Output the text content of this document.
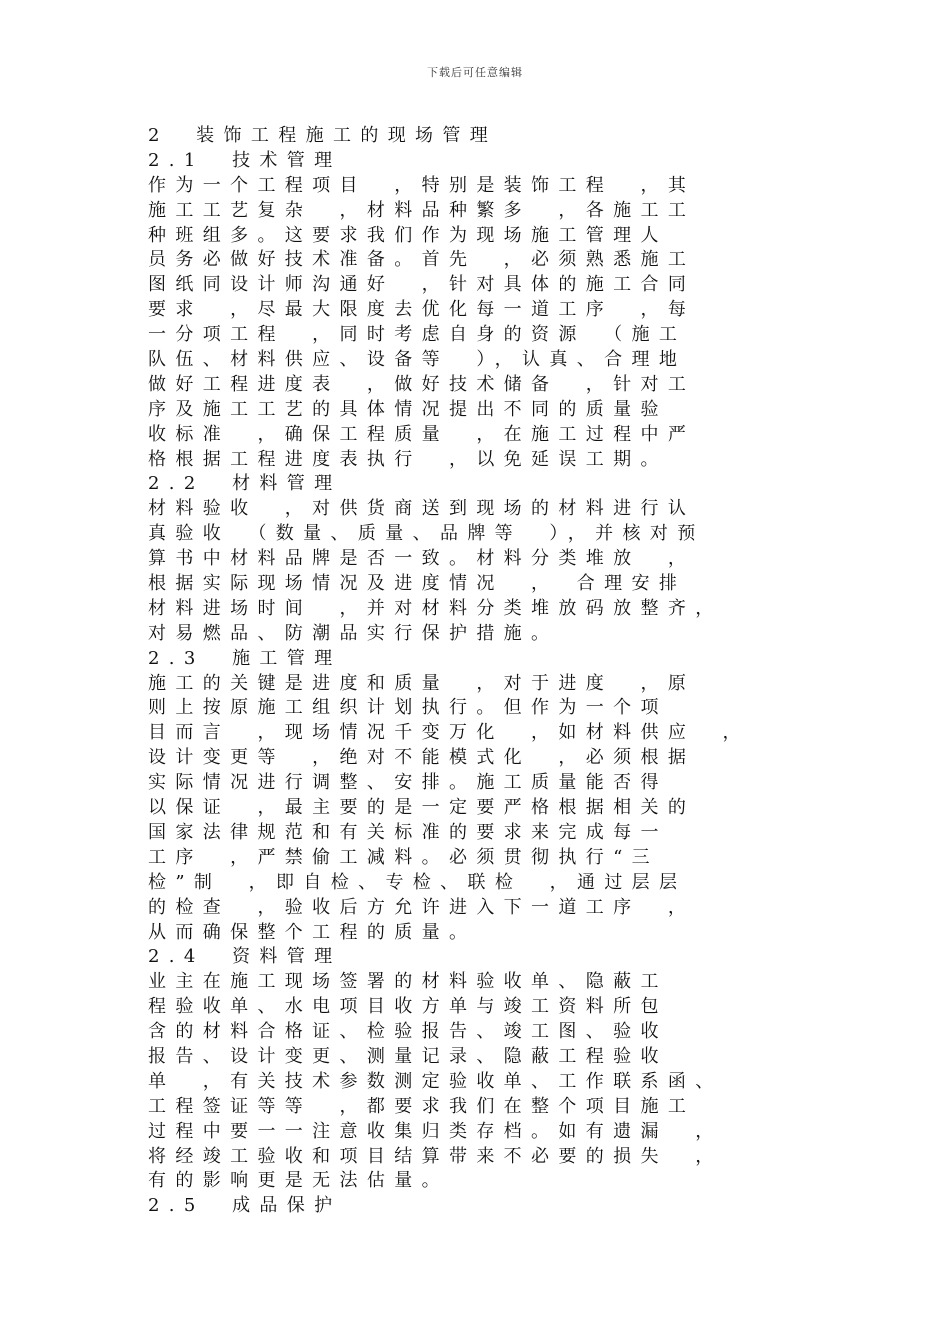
下载后可任意编辑
2　装饰工程施工的现场管理
2.1　技术管理
作为一个工程项目　，特别是装饰工程　，其
施工工艺复杂　，材料品种繁多　，各施工工
种班组多。这要求我们作为现场施工管理人
员务必做好技术准备。首先　，必须熟悉施工
图纸同设计师沟通好　，针对具体的施工合同
要求　，尽最大限度去优化每一道工序　，每
一分项工程　，同时考虑自身的资源　（施工
队伍、材料供应、设备等　），认真、合理地
做好工程进度表　，做好技术储备　，针对工
序及施工工艺的具体情况提出不同的质量验
收标准　，确保工程质量　，在施工过程中严
格根据工程进度表执行　，以免延误工期。
2.2　材料管理
材料验收　，对供货商送到现场的材料进行认
真验收　（数量、质量、品牌等　），并核对预
算书中材料品牌是否一致。材料分类堆放　，
根据实际现场情况及进度情况　，　合理安排
材料进场时间　，并对材料分类堆放码放整齐，
对易燃品、防潮品实行保护措施。
2.3　施工管理
施工的关键是进度和质量　，对于进度　，原
则上按原施工组织计划执行。但作为一个项
目而言　，现场情况千变万化　，如材料供应　，
设计变更等　，绝对不能模式化　，必须根据
实际情况进行调整、安排。施工质量能否得
以保证　，最主要的是一定要严格根据相关的
国家法律规范和有关标准的要求来完成每一
工序　，严禁偷工减料。必须贯彻执行“三
检”制　，即自检、专检、联检　，通过层层
的检查　，验收后方允许进入下一道工序　，
从而确保整个工程的质量。
2.4　资料管理
业主在施工现场签署的材料验收单、隐蔽工
程验收单、水电项目收方单与竣工资料所包
含的材料合格证、检验报告、竣工图、验收
报告、设计变更、测量记录、隐蔽工程验收
单　，有关技术参数测定验收单、工作联系函、
工程签证等等　，都要求我们在整个项目施工
过程中要一一注意收集归类存档。如有遗漏　，
将经竣工验收和项目结算带来不必要的损失　，
有的影响更是无法估量。
2.5　成品保护
